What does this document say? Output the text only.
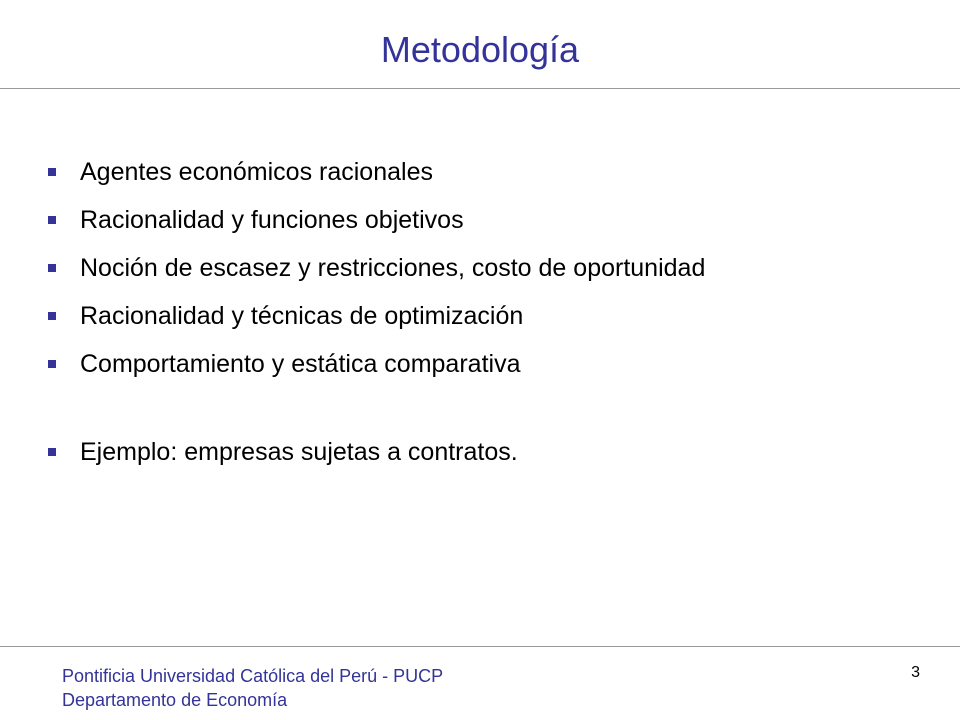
Metodología
Agentes económicos racionales
Racionalidad y funciones objetivos
Noción de escasez y restricciones, costo de oportunidad
Racionalidad y técnicas de optimización
Comportamiento y estática comparativa
Ejemplo: empresas sujetas a contratos.
Pontificia Universidad Católica del Perú - PUCP
Departamento de Economía
3
